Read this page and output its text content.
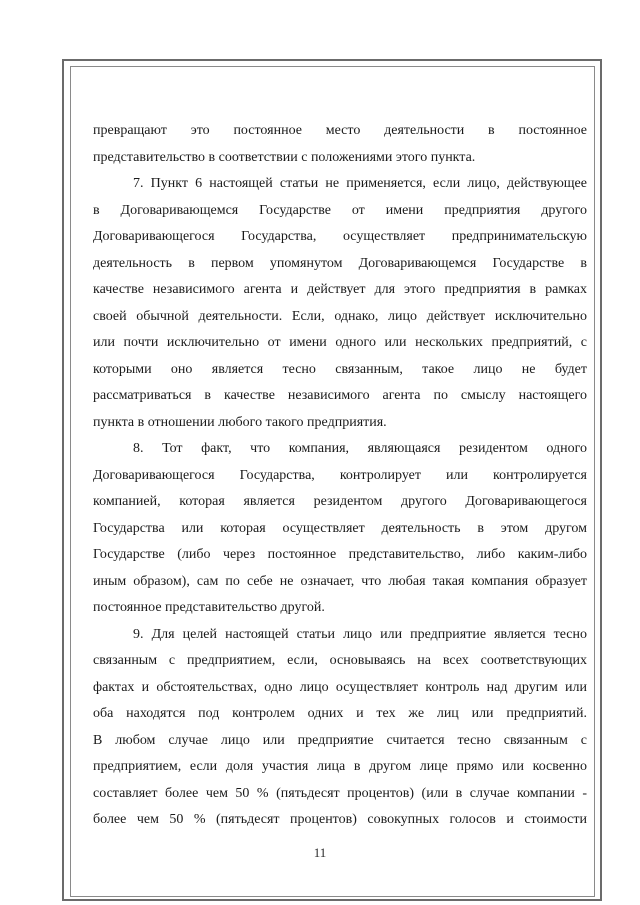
превращают это постоянное место деятельности в постоянное
представительство в соответствии с положениями этого пункта.
7. Пункт 6 настоящей статьи не применяется, если лицо, действующее
в Договаривающемся Государстве от имени предприятия другого
Договаривающегося Государства, осуществляет предпринимательскую
деятельность в первом упомянутом Договаривающемся Государстве в
качестве независимого агента и действует для этого предприятия в рамках
своей обычной деятельности. Если, однако, лицо действует исключительно
или почти исключительно от имени одного или нескольких предприятий, с
которыми оно является тесно связанным, такое лицо не будет
рассматриваться в качестве независимого агента по смыслу настоящего
пункта в отношении любого такого предприятия.
8. Тот факт, что компания, являющаяся резидентом одного
Договаривающегося Государства, контролирует или контролируется
компанией, которая является резидентом другого Договаривающегося
Государства или которая осуществляет деятельность в этом другом
Государстве (либо через постоянное представительство, либо каким-либо
иным образом), сам по себе не означает, что любая такая компания образует
постоянное представительство другой.
9. Для целей настоящей статьи лицо или предприятие является тесно
связанным с предприятием, если, основываясь на всех соответствующих
фактах и обстоятельствах, одно лицо осуществляет контроль над другим или
оба находятся под контролем одних и тех же лиц или предприятий.
В любом случае лицо или предприятие считается тесно связанным с
предприятием, если доля участия лица в другом лице прямо или косвенно
составляет более чем 50 % (пятьдесят процентов) (или в случае компании -
более чем 50 % (пятьдесят процентов) совокупных голосов и стоимости
11
